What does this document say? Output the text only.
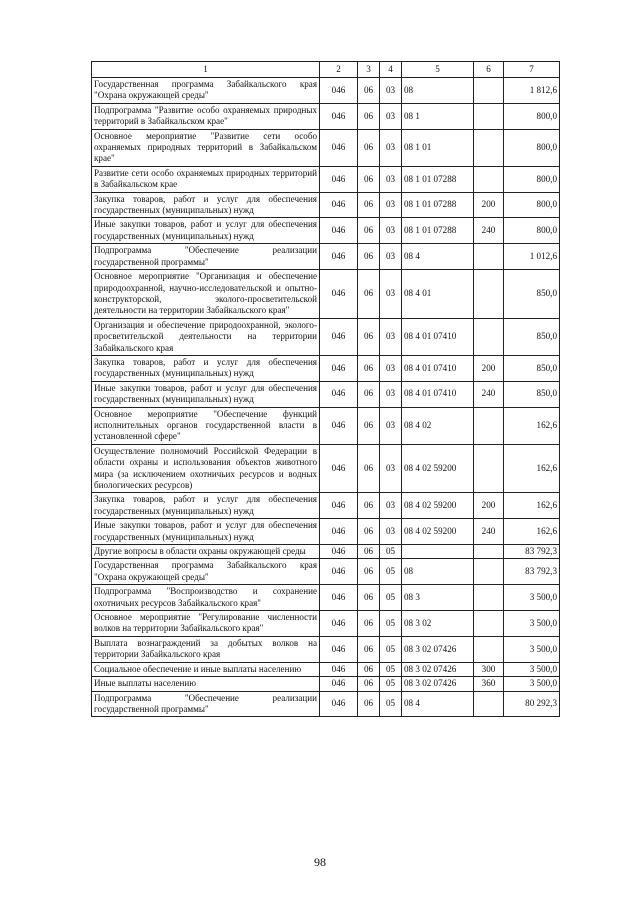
1	2	3	4	5	6	7
Государственная программа Забайкальского края "Охрана окружающей среды"	046	06	03	08		1 812,6
Подпрограмма "Развитие особо охраняемых природных территорий в Забайкальском крае"	046	06	03	08 1		800,0
Основное мероприятие "Развитие сети особо охраняемых природных территорий в Забайкальском крае"	046	06	03	08 1 01		800,0
Развитие сети особо охраняемых природных территорий в Забайкальском крае	046	06	03	08 1 01 07288		800,0
Закупка товаров, работ и услуг для обеспечения государственных (муниципальных) нужд	046	06	03	08 1 01 07288	200	800,0
Иные закупки товаров, работ и услуг для обеспечения государственных (муниципальных) нужд	046	06	03	08 1 01 07288	240	800,0
Подпрограмма "Обеспечение реализации государственной программы"	046	06	03	08 4		1 012,6
Основное мероприятие "Организация и обеспечение природоохранной, научно-исследовательской и опытно-конструкторской, эколого-просветительской деятельности на территории Забайкальского края"	046	06	03	08 4 01		850,0
Организация и обеспечение природоохранной, эколого-просветительской деятельности на территории Забайкальского края	046	06	03	08 4 01 07410		850,0
Закупка товаров, работ и услуг для обеспечения государственных (муниципальных) нужд	046	06	03	08 4 01 07410	200	850,0
Иные закупки товаров, работ и услуг для обеспечения государственных (муниципальных) нужд	046	06	03	08 4 01 07410	240	850,0
Основное мероприятие "Обеспечение функций исполнительных органов государственной власти в установленной сфере"	046	06	03	08 4 02		162,6
Осуществление полномочий Российской Федерации в области охраны и использования объектов животного мира (за исключением охотничьих ресурсов и водных биологических ресурсов)	046	06	03	08 4 02 59200		162,6
Закупка товаров, работ и услуг для обеспечения государственных (муниципальных) нужд	046	06	03	08 4 02 59200	200	162,6
Иные закупки товаров, работ и услуг для обеспечения государственных (муниципальных) нужд	046	06	03	08 4 02 59200	240	162,6
Другие вопросы в области охраны окружающей среды	046	06	05			83 792,3
Государственная программа Забайкальского края "Охрана окружающей среды"	046	06	05	08		83 792,3
Подпрограмма "Воспроизводство и сохранение охотничьих ресурсов Забайкальского края"	046	06	05	08 3		3 500,0
Основное мероприятие "Регулирование численности волков на территории Забайкальского края"	046	06	05	08 3 02		3 500,0
Выплата вознаграждений за добытых волков на территории Забайкальского края	046	06	05	08 3 02 07426		3 500,0
Социальное обеспечение и иные выплаты населению	046	06	05	08 3 02 07426	300	3 500,0
Иные выплаты населению	046	06	05	08 3 02 07426	360	3 500,0
Подпрограмма "Обеспечение реализации государственной программы"	046	06	05	08 4		80 292,3
98
